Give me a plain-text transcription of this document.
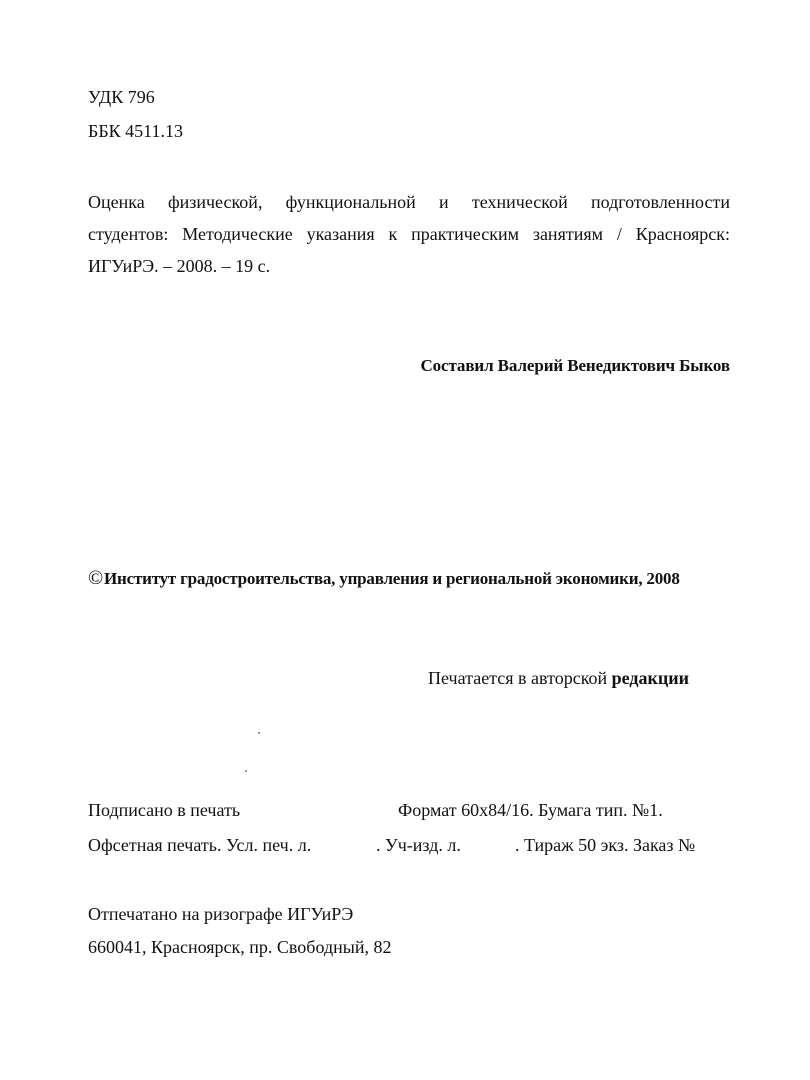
УДК 796
ББК 4511.13
Оценка физической, функциональной и технической подготовленности
студентов: Методические указания к практическим занятиям / Красноярск:
ИГУиРЭ. – 2008. – 19 с.
Составил Валерий Венедиктович Быков
©Институт градостроительства, управления и региональной экономики, 2008
Печатается в авторской редакции
Подписано в печать	Формат 60х84/16. Бумага тип. №1.
Офсетная печать. Усл. печ. л.	. Уч-изд. л.	. Тираж 50 экз. Заказ №
Отпечатано на ризографе ИГУиРЭ
660041, Красноярск, пр. Свободный, 82
